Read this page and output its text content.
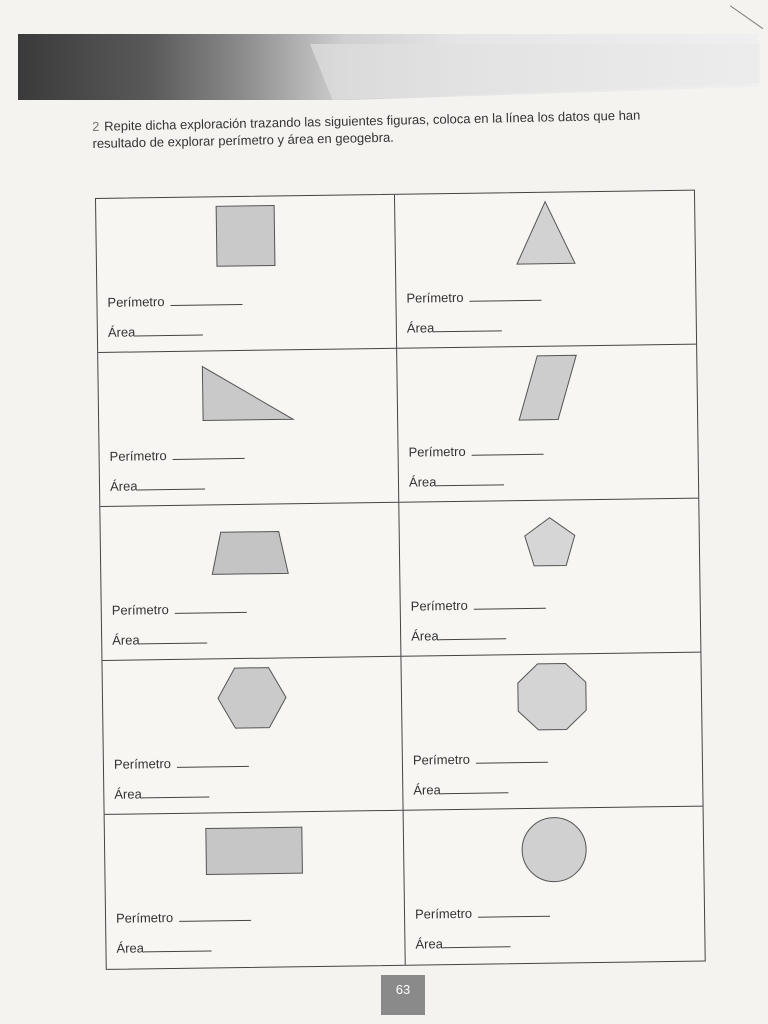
2 Repite dicha exploración trazando las siguientes figuras, coloca en la línea los datos que han resultado de explorar perímetro y área en geogebra.
Perímetro
Área
Perímetro
Área
Perímetro
Área
Perímetro
Área
Perímetro
Área
Perímetro
Área
Perímetro
Área
Perímetro
Área
Perímetro
Área
Perímetro
Área
63
